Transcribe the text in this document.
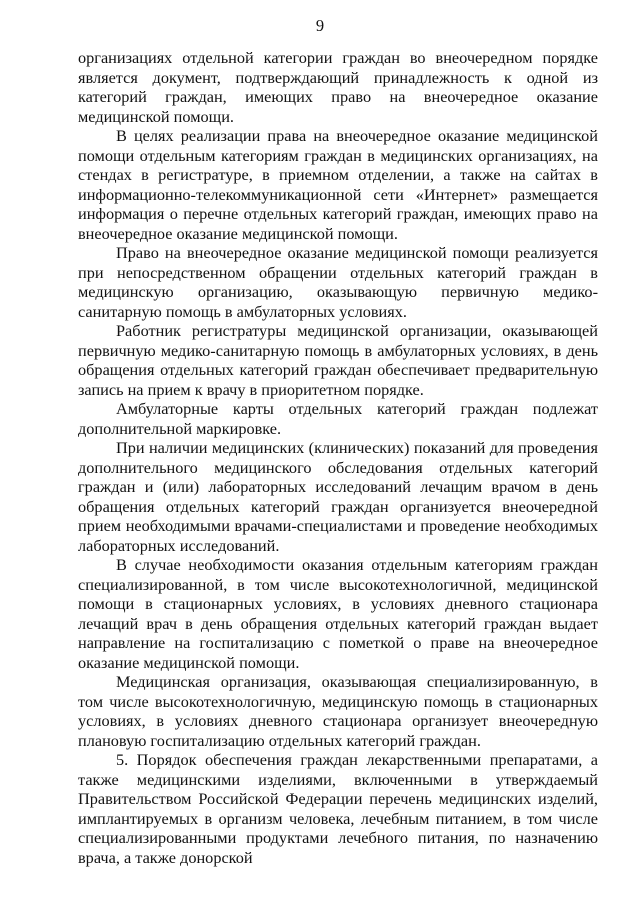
9

организациях отдельной категории граждан во внеочередном порядке является документ, подтверждающий принадлежность к одной из категорий граждан, имеющих право на внеочередное оказание медицинской помощи.

В целях реализации права на внеочередное оказание медицинской помощи отдельным категориям граждан в медицинских организациях, на стендах в регистратуре, в приемном отделении, а также на сайтах в информационно-телекоммуникационной сети «Интернет» размещается информация о перечне отдельных категорий граждан, имеющих право на внеочередное оказание медицинской помощи.

Право на внеочередное оказание медицинской помощи реализуется при непосредственном обращении отдельных категорий граждан в медицинскую организацию, оказывающую первичную медико-санитарную помощь в амбулаторных условиях.

Работник регистратуры медицинской организации, оказывающей первичную медико-санитарную помощь в амбулаторных условиях, в день обращения отдельных категорий граждан обеспечивает предварительную запись на прием к врачу в приоритетном порядке.

Амбулаторные карты отдельных категорий граждан подлежат дополнительной маркировке.

При наличии медицинских (клинических) показаний для проведения дополнительного медицинского обследования отдельных категорий граждан и (или) лабораторных исследований лечащим врачом в день обращения отдельных категорий граждан организуется внеочередной прием необходимыми врачами-специалистами и проведение необходимых лабораторных исследований.

В случае необходимости оказания отдельным категориям граждан специализированной, в том числе высокотехнологичной, медицинской помощи в стационарных условиях, в условиях дневного стационара лечащий врач в день обращения отдельных категорий граждан выдает направление на госпитализацию с пометкой о праве на внеочередное оказание медицинской помощи.

Медицинская организация, оказывающая специализированную, в том числе высокотехнологичную, медицинскую помощь в стационарных условиях, в условиях дневного стационара организует внеочередную плановую госпитализацию отдельных категорий граждан.

5. Порядок обеспечения граждан лекарственными препаратами, а также медицинскими изделиями, включенными в утверждаемый Правительством Российской Федерации перечень медицинских изделий, имплантируемых в организм человека, лечебным питанием, в том числе специализированными продуктами лечебного питания, по назначению врача, а также донорской
